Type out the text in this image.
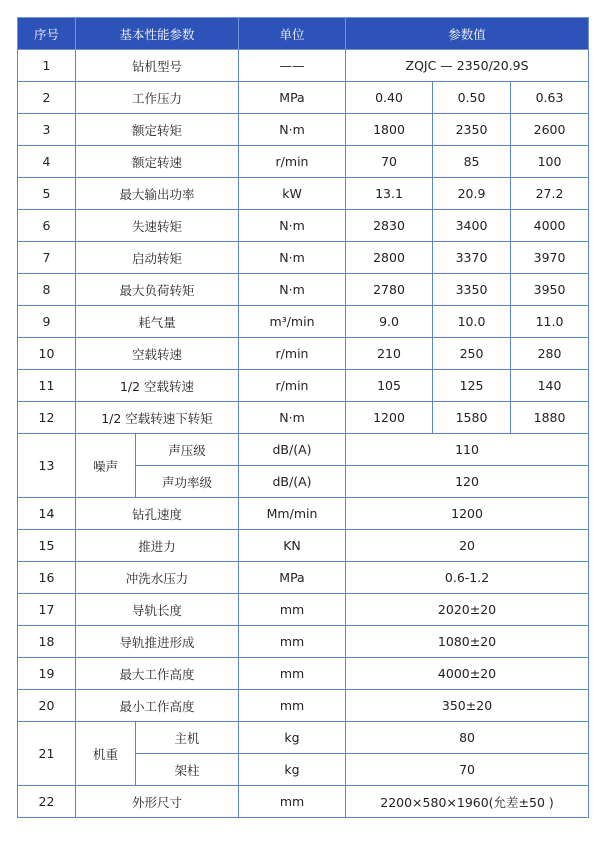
序号	基本性能参数		单位	参数值		
1	钻机型号		——	ZQJC — 2350/20.9S		
2	工作压力		MPa	0.40	0.50	0.63
3	额定转矩		N·m	1800	2350	2600
4	额定转速		r/min	70	85	100
5	最大输出功率		kW	13.1	20.9	27.2
6	失速转矩		N·m	2830	3400	4000
7	启动转矩		N·m	2800	3370	3970
8	最大负荷转矩		N·m	2780	3350	3950
9	耗气量		m³/min	9.0	10.0	11.0
10	空载转速		r/min	210	250	280
11	1/2 空载转速		r/min	105	125	140
12	1/2 空载转速下转矩		N·m	1200	1580	1880
13	噪声	声压级	dB/(A)	110		
		声功率级	dB/(A)	120		
14	钻孔速度		Mm/min	1200		
15	推进力		KN	20		
16	冲洗水压力		MPa	0.6-1.2		
17	导轨长度		mm	2020±20		
18	导轨推进形成		mm	1080±20		
19	最大工作高度		mm	4000±20		
20	最小工作高度		mm	350±20		
21	机重	主机	kg	80		
		架柱	kg	70		
22	外形尺寸		mm	2200×580×1960(允差±50 )		
